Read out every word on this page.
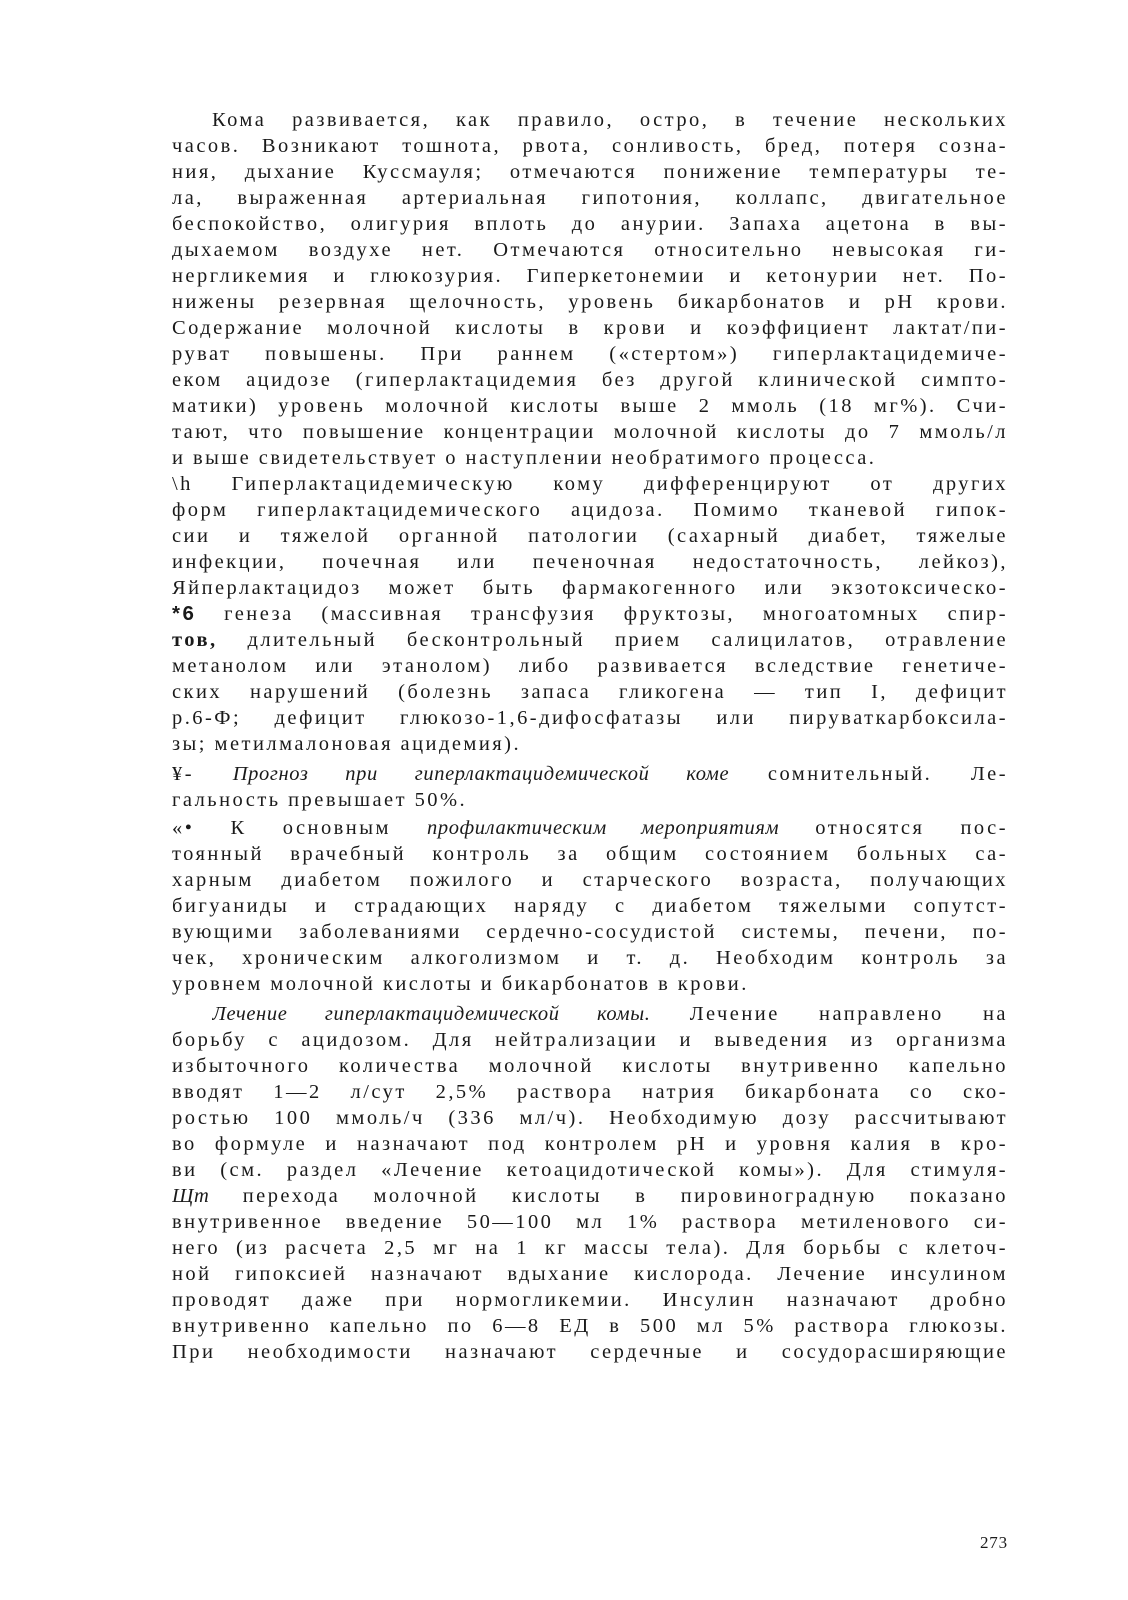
Кома развивается, как правило, остро, в течение нескольких
часов. Возникают тошнота, рвота, сонливость, бред, потеря созна-
ния, дыхание Куссмауля; отмечаются понижение температуры те-
ла, выраженная артериальная гипотония, коллапс, двигательное
беспокойство, олигурия вплоть до анурии. Запаха ацетона в вы-
дыхаемом воздухе нет. Отмечаются относительно невысокая ги-
нергликемия и глюкозурия. Гиперкетонемии и кетонурии нет. По-
нижены резервная щелочность, уровень бикарбонатов и рН крови.
Содержание молочной кислоты в крови и коэффициент лактат/пи-
руват повышены. При раннем («стертом») гиперлактацидемиче-
еком ацидозе (гиперлактацидемия без другой клинической симпто-
матики) уровень молочной кислоты выше 2 ммоль (18 мг%). Счи-
тают, что повышение концентрации молочной кислоты до 7 ммоль/л
и выше свидетельствует о наступлении необратимого процесса.
\h Гиперлактацидемическую кому дифференцируют от других
форм гиперлактацидемического ацидоза. Помимо тканевой гипок-
сии и тяжелой органной патологии (сахарный диабет, тяжелые
инфекции, почечная или печеночная недостаточность, лейкоз),
Яйперлактацидоз может быть фармакогенного или экзотоксическо-
*6 генеза (массивная трансфузия фруктозы, многоатомных спир-
тов, длительный бесконтрольный прием салицилатов, отравление
метанолом или этанолом) либо развивается вследствие генетиче-
ских нарушений (болезнь запаса гликогена — тип I, дефицит
р.6-Ф; дефицит глюкозо-1,6-дифосфатазы или пируваткарбоксила-
зы; метилмалоновая ацидемия).
¥- Прогноз при гиперлактацидемической коме сомнительный. Ле-
гальность превышает 50%.
«• К основным профилактическим мероприятиям относятся пос-
тоянный врачебный контроль за общим состоянием больных са-
харным диабетом пожилого и старческого возраста, получающих
бигуаниды и страдающих наряду с диабетом тяжелыми сопутст-
вующими заболеваниями сердечно-сосудистой системы, печени, по-
чек, хроническим алкоголизмом и т. д. Необходим контроль за
уровнем молочной кислоты и бикарбонатов в крови.
Лечение гиперлактацидемической комы. Лечение направлено на
борьбу с ацидозом. Для нейтрализации и выведения из организма
избыточного количества молочной кислоты внутривенно капельно
вводят 1—2 л/сут 2,5% раствора натрия бикарбоната со ско-
ростью 100 ммоль/ч (336 мл/ч). Необходимую дозу рассчитывают
во формуле и назначают под контролем рН и уровня калия в кро-
ви (см. раздел «Лечение кетоацидотической комы»). Для стимуля-
Щт перехода молочной кислоты в пировиноградную показано
внутривенное введение 50—100 мл 1% раствора метиленового си-
него (из расчета 2,5 мг на 1 кг массы тела). Для борьбы с клеточ-
ной гипоксией назначают вдыхание кислорода. Лечение инсулином
проводят даже при нормогликемии. Инсулин назначают дробно
внутривенно капельно по 6—8 ЕД в 500 мл 5% раствора глюкозы.
При необходимости назначают сердечные и сосудорасширяющие
273
